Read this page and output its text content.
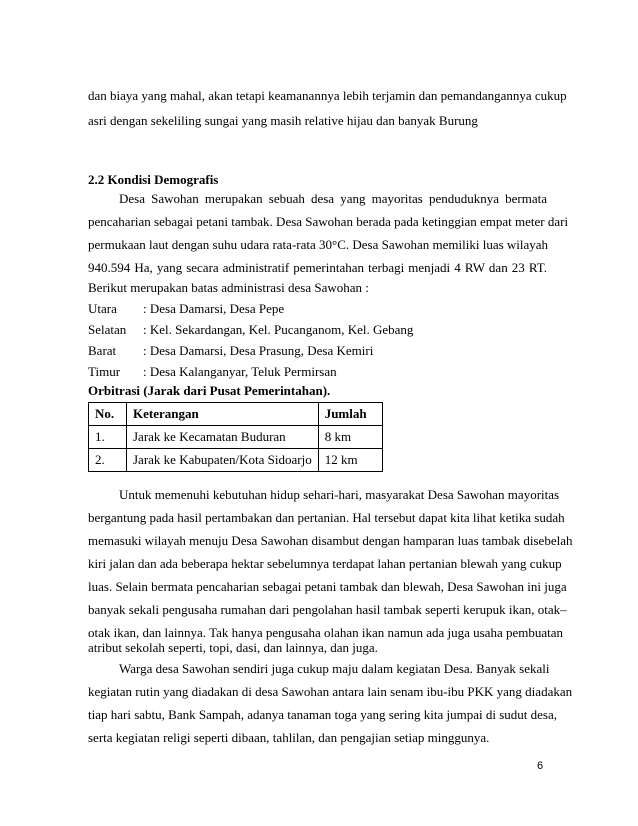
dan biaya yang mahal, akan tetapi keamanannya lebih terjamin dan pemandangannya cukup
asri dengan sekeliling sungai yang masih relative hijau dan banyak Burung
2.2 Kondisi Demografis
Desa Sawohan merupakan sebuah desa yang mayoritas penduduknya bermata
pencaharian sebagai petani tambak. Desa Sawohan berada pada ketinggian empat meter dari
permukaan laut dengan suhu udara rata-rata 30°C. Desa Sawohan memiliki luas wilayah
940.594 Ha, yang secara administratif pemerintahan terbagi menjadi 4 RW dan 23 RT.
Berikut merupakan batas administrasi desa Sawohan :
Utara : Desa Damarsi, Desa Pepe
Selatan : Kel. Sekardangan, Kel. Pucanganom, Kel. Gebang
Barat : Desa Damarsi, Desa Prasung, Desa Kemiri
Timur : Desa Kalanganyar, Teluk Permirsan
Orbitrasi (Jarak dari Pusat Pemerintahan).
No.	Keterangan	Jumlah
1.	Jarak ke Kecamatan Buduran	8 km
2.	Jarak ke Kabupaten/Kota Sidoarjo	12 km
Untuk memenuhi kebutuhan hidup sehari-hari, masyarakat Desa Sawohan mayoritas
bergantung pada hasil pertambakan dan pertanian. Hal tersebut dapat kita lihat ketika sudah
memasuki wilayah menuju Desa Sawohan disambut dengan hamparan luas tambak disebelah
kiri jalan dan ada beberapa hektar sebelumnya terdapat lahan pertanian blewah yang cukup
luas. Selain bermata pencaharian sebagai petani tambak dan blewah, Desa Sawohan ini juga
banyak sekali pengusaha rumahan dari pengolahan hasil tambak seperti kerupuk ikan, otak–
otak ikan, dan lainnya. Tak hanya pengusaha olahan ikan namun ada juga usaha pembuatan
atribut sekolah seperti, topi, dasi, dan lainnya, dan juga.
Warga desa Sawohan sendiri juga cukup maju dalam kegiatan Desa. Banyak sekali
kegiatan rutin yang diadakan di desa Sawohan antara lain senam ibu-ibu PKK yang diadakan
tiap hari sabtu, Bank Sampah, adanya tanaman toga yang sering kita jumpai di sudut desa,
serta kegiatan religi seperti dibaan, tahlilan, dan pengajian setiap minggunya.
6
